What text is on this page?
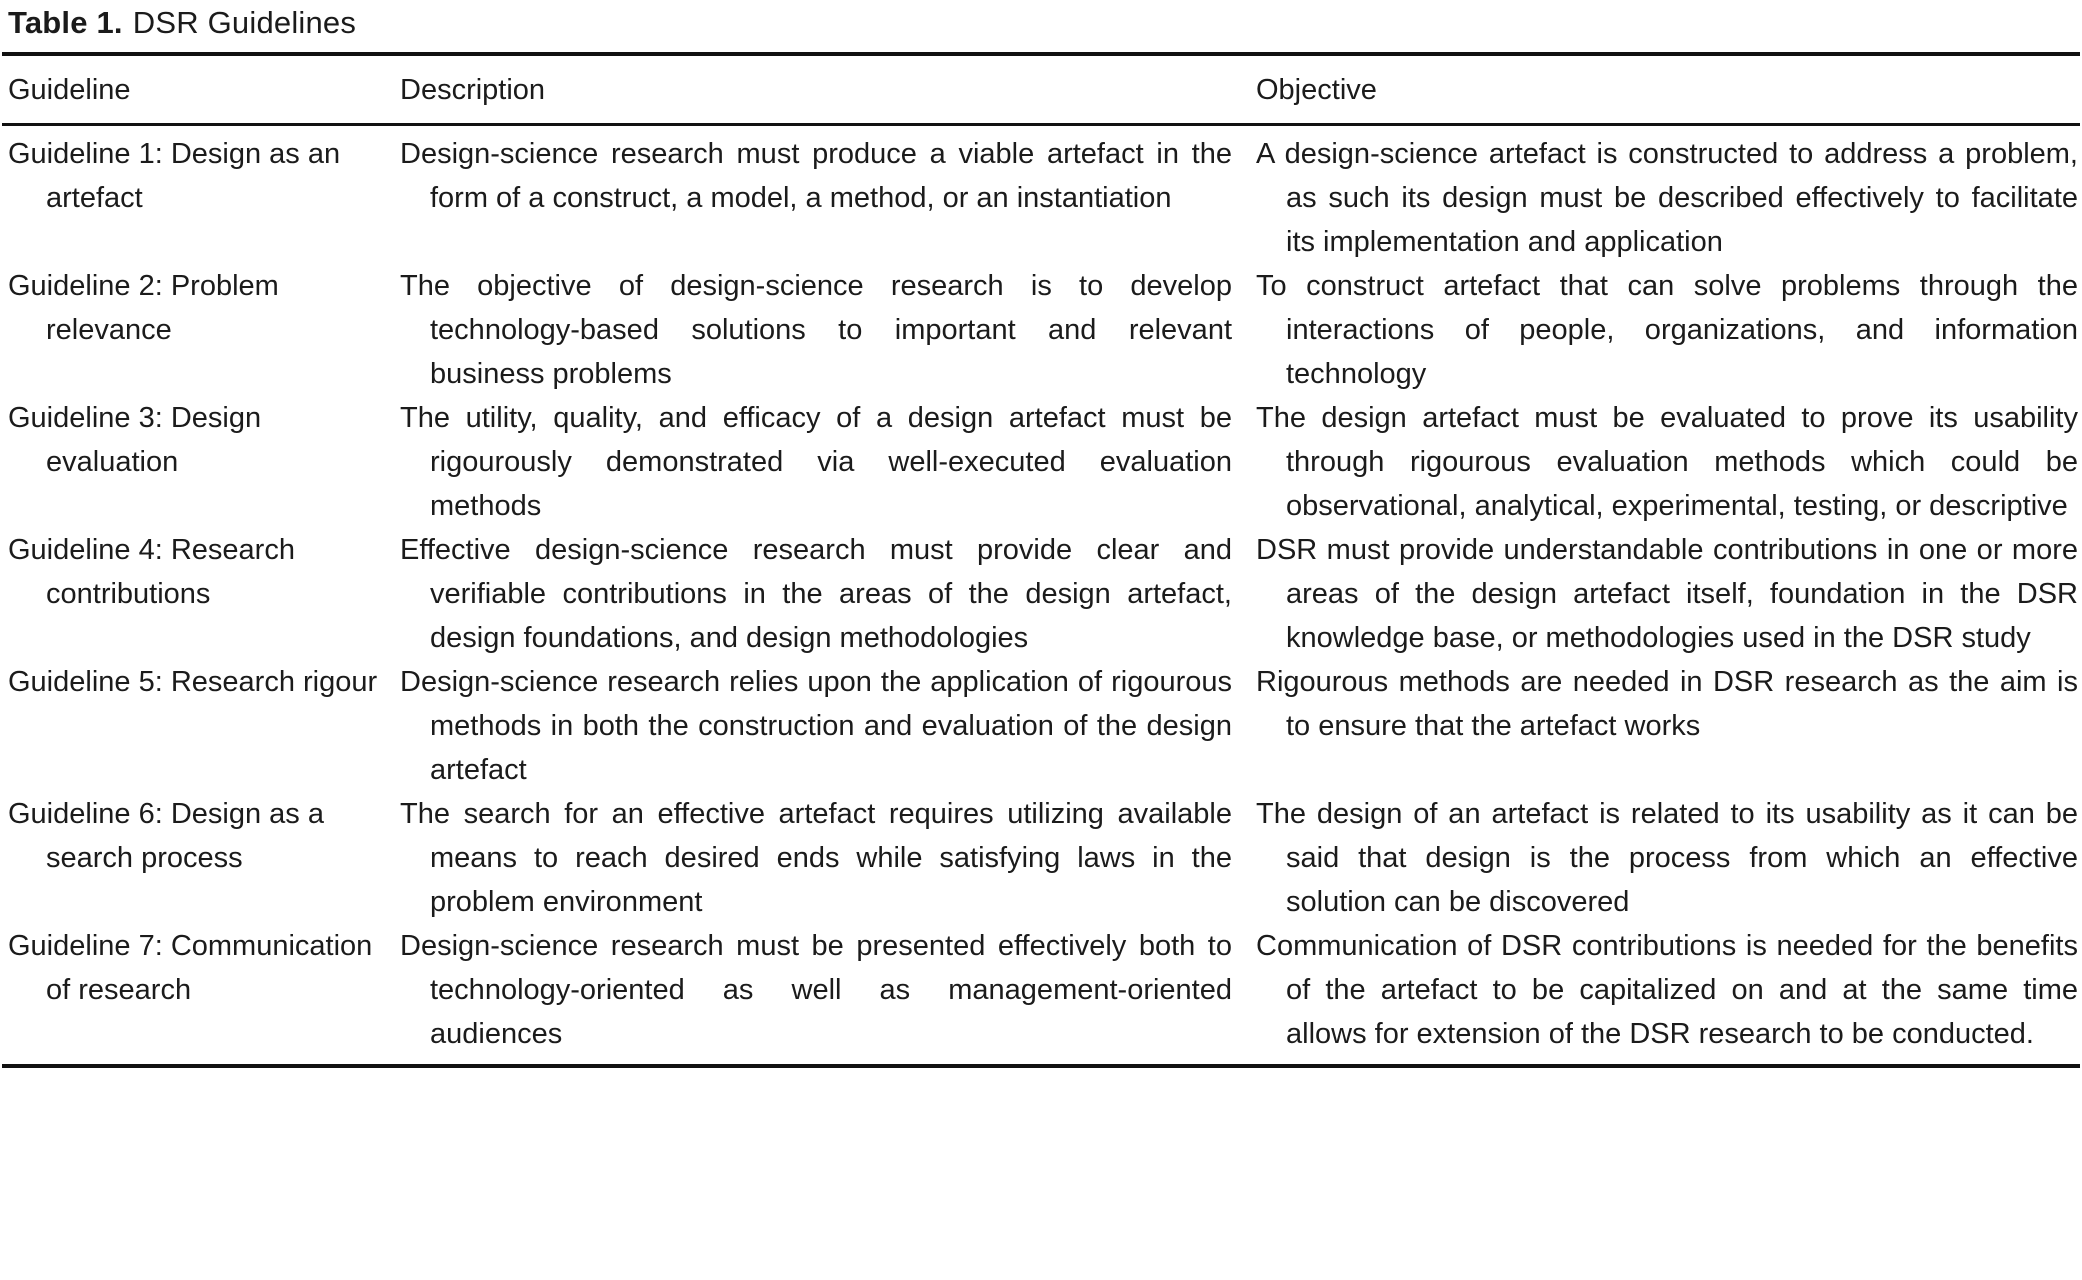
Table 1. DSR Guidelines
Guideline	Description	Objective
Guideline 1: Design as an artefact
Design-science research must produce a viable artefact in the form of a construct, a model, a method, or an instantiation
A design-science artefact is constructed to address a problem, as such its design must be described effectively to facilitate its implementation and application
Guideline 2: Problem relevance
The objective of design-science research is to develop technology-based solutions to important and relevant business problems
To construct artefact that can solve problems through the interactions of people, organizations, and information technology
Guideline 3: Design evaluation
The utility, quality, and efficacy of a design artefact must be rigourously demonstrated via well-executed evaluation methods
The design artefact must be evaluated to prove its usability through rigourous evaluation methods which could be observational, analytical, experimental, testing, or descriptive
Guideline 4: Research contributions
Effective design-science research must provide clear and verifiable contributions in the areas of the design artefact, design foundations, and design methodologies
DSR must provide understandable contributions in one or more areas of the design artefact itself, foundation in the DSR knowledge base, or methodologies used in the DSR study
Guideline 5: Research rigour Design-science research relies upon the application of rigourous methods in both the construction and evaluation of the design artefact
Rigourous methods are needed in DSR research as the aim is to ensure that the artefact works
Guideline 6: Design as a search process
The search for an effective artefact requires utilizing available means to reach desired ends while satisfying laws in the problem environment
The design of an artefact is related to its usability as it can be said that design is the process from which an effective solution can be discovered
Guideline 7: Communication of research
Design-science research must be presented effectively both to technology-oriented as well as management-oriented audiences
Communication of DSR contributions is needed for the benefits of the artefact to be capitalized on and at the same time allows for extension of the DSR research to be conducted.
